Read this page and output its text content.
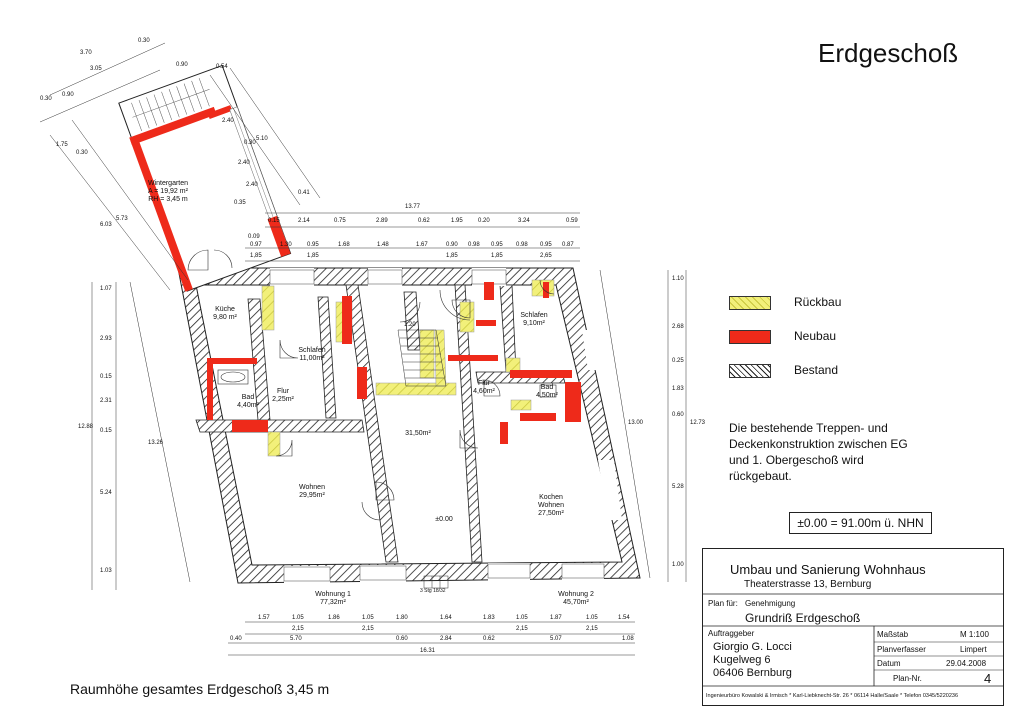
Erdgeschoß
Wintergarten
A = 19,92 m²
RH = 3,45 m
Küche
9,80 m²
Schlafen
11,00m²
Bad
4,40m²
Flur
2,25m²
31,50m²
Wohnen
29,95m²
±0.00
Schlafen
9,10m²
Flur
4,60m²
Bad
4,50m²
Kochen
Wohnen
27,50m²
Wohnung 1
77,32m²
Wohnung 2
45,70m²
3 Stg 18/32
13.77
0.15	2.14	0.75	2.89	0.62	1.95	0.20	3.24	0.59
0.97	1.30	0.95	1.68	1.48	1.67	0.90 0.98 0.95 0.98 0.95 0.87
1,85	1,85	1,85	1,85	2,65
1.57	1.05	1.86	1.05	1.80	1.64	1.83	1.05	1.87	1.05	1.54
2,15	2,15	2,15	2,15
0.40	5.70	0.60	2.84	0.62	5.07	1.08
16.31
1.10
2.68
0.25
1.83
0.60
5.28
1.00
12.73
13.00
1.07
2.93
0.15
2.31
0.15
5.24
1.03
12.88
13.26
3.70
0.30
3.05
0.90
0.30
0.90	0.54
2.40
2.40
0.30
5.10
2.40
0.41
0.35
1.75
0.30
6.03
5.73
1.20
0.09
Rückbau
Neubau
Bestand
Die bestehende Treppen- und Deckenkonstruktion zwischen EG und 1. Obergeschoß wird rückgebaut.
±0.00 = 91.00m ü. NHN
Umbau und Sanierung Wohnhaus
Theaterstrasse 13, Bernburg
Plan für: Genehmigung
Grundriß Erdgeschoß
Auftraggeber
Giorgio G. Locci
Kugelweg 6
06406 Bernburg
Maßstab	M 1:100
Planverfasser	Limpert
Datum	29.04.2008
Plan-Nr.	4
Ingenieurbüro Kowalski & Irmisch * Karl-Liebknecht-Str. 26 * 06114 Halle/Saale * Telefon 0345/5220236
Raumhöhe gesamtes Erdgeschoß 3,45 m
